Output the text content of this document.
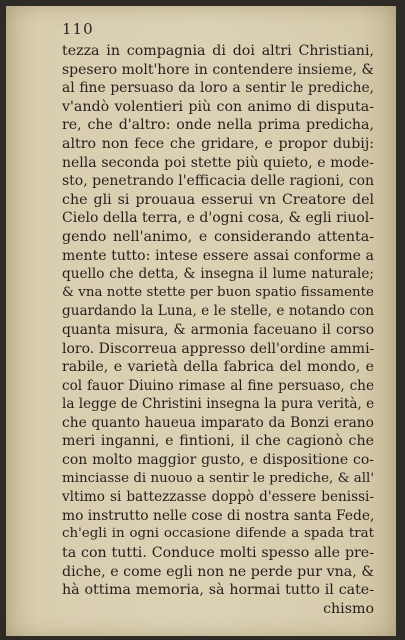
110
tezza in compagnia di doi altri Christiani,
spesero molt'hore in contendere insieme, &
al fine persuaso da loro a sentir le prediche,
v'andò volentieri più con animo di disputa-
re, che d'altro: onde nella prima predicha,
altro non fece che gridare, e propor dubij:
nella seconda poi stette più quieto, e mode-
sto, penetrando l'efficacia delle ragioni, con
che gli si prouaua esserui vn Creatore del
Cielo della terra, e d'ogni cosa, & egli riuol-
gendo nell'animo, e considerando attenta-
mente tutto: intese essere assai conforme a
quello che detta, & insegna il lume naturale;
& vna notte stette per buon spatio fissamente
guardando la Luna, e le stelle, e notando con
quanta misura, & armonia faceuano il corso
loro. Discorreua appresso dell'ordine ammi-
rabile, e varietà della fabrica del mondo, e
col fauor Diuino rimase al fine persuaso, che
la legge de Christini insegna la pura verità, e
che quanto haueua imparato da Bonzi erano
meri inganni, e fintioni, il che cagionò che
con molto maggior gusto, e dispositione co-
minciasse di nuouo a sentir le prediche, & all'
vltimo si battezzasse doppò d'essere benissi-
mo instrutto nelle cose di nostra santa Fede,
ch'egli in ogni occasione difende a spada trat
ta con tutti. Conduce molti spesso alle pre-
diche, e come egli non ne perde pur vna, &
hà ottima memoria, sà hormai tutto il cate-
chismo
